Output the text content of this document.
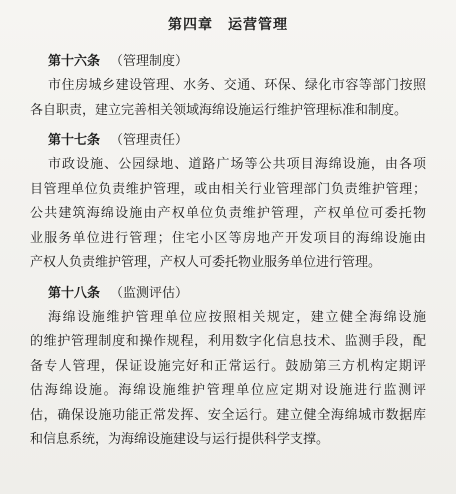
第四章　运营管理
第十六条 （管理制度）
市住房城乡建设管理、水务、交通、环保、绿化市容等部门按照
各自职责，建立完善相关领域海绵设施运行维护管理标准和制度。
第十七条 （管理责任）
市政设施、公园绿地、道路广场等公共项目海绵设施，由各项
目管理单位负责维护管理，或由相关行业管理部门负责维护管理；
公共建筑海绵设施由产权单位负责维护管理，产权单位可委托物
业服务单位进行管理；住宅小区等房地产开发项目的海绵设施由
产权人负责维护管理，产权人可委托物业服务单位进行管理。
第十八条 （监测评估）
海绵设施维护管理单位应按照相关规定，建立健全海绵设施
的维护管理制度和操作规程，利用数字化信息技术、监测手段，配
备专人管理，保证设施完好和正常运行。鼓励第三方机构定期评
估海绵设施。海绵设施维护管理单位应定期对设施进行监测评
估，确保设施功能正常发挥、安全运行。建立健全海绵城市数据库
和信息系统，为海绵设施建设与运行提供科学支撑。
